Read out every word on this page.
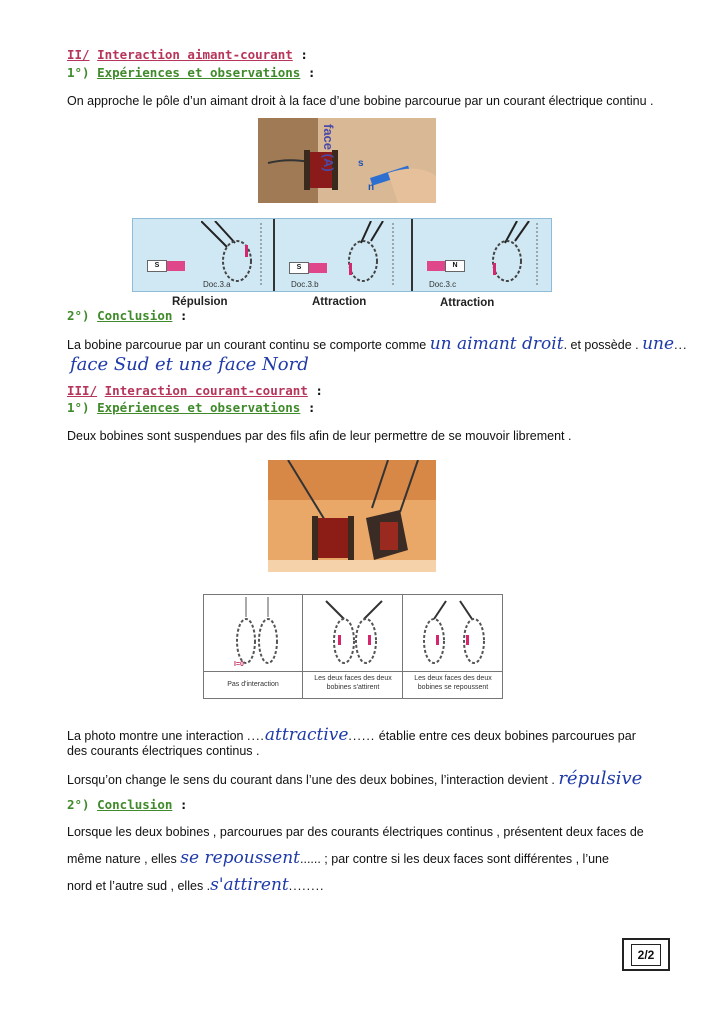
II/ Interaction aimant-courant :
1°) Expériences et observations :
On approche le pôle d’un aimant droit à la face d’une bobine parcourue par un courant électrique continu .
face (A) s
n
S
Doc.3.a
S
Doc.3.b
N
Doc.3.c
Répulsion	Attraction	Attraction
2°) Conclusion :
La bobine parcourue par un courant continu se comporte comme un aimant droit. et possède . une...
face Sud et une face Nord
III/ Interaction courant-courant :
1°) Expériences et observations :
Deux bobines sont suspendues par des fils afin de leur permettre de se mouvoir librement .
I=0
Pas d'interaction
Les deux faces des deux bobines s'attirent
Les deux faces des deux bobines se repoussent
La photo montre une interaction ....attractive...... établie entre ces deux bobines parcourues par
des courants électriques continus .
Lorsqu’on change le sens du courant dans l’une des deux bobines, l’interaction devient . répulsive
2°) Conclusion :
Lorsque les deux bobines , parcourues par des courants électriques continus , présentent deux faces de
même nature , elles se repoussent...... ; par contre si les deux faces sont différentes , l’une
nord et l’autre sud , elles .s'attirent........
2/2
